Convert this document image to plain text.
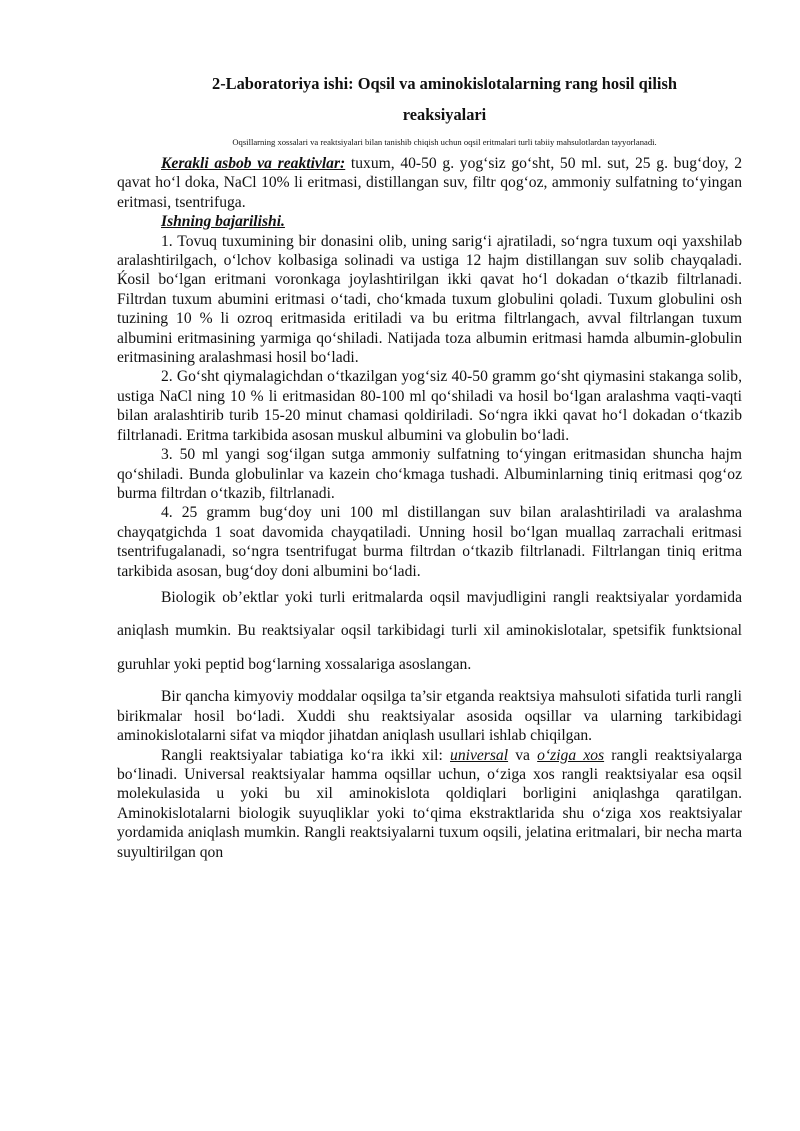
2-Laboratoriya ishi: Oqsil va aminokislotalarning rang hosil qilish
reaksiyalari
Oqsillarning xossalari va reaktsiyalari bilan tanishib chiqish uchun oqsil eritmalari turli tabiiy mahsulotlardan tayyorlanadi.

Kerakli asbob va reaktivlar: tuxum, 40-50 g. yog‘siz go‘sht, 50 ml. sut, 25 g. bug‘doy, 2 qavat ho‘l doka, NaCl 10% li eritmasi, distillangan suv, filtr qog‘oz, ammoniy sulfatning to‘yingan eritmasi, tsentrifuga.

Ishning bajarilishi.

1. Tovuq tuxumining bir donasini olib, uning sarig‘i ajratiladi, so‘ngra tuxum oqi yaxshilab aralashtirilgach, o‘lchov kolbasiga solinadi va ustiga 12 hajm distillangan suv solib chayqaladi. Ќosil bo‘lgan eritmani voronkaga joylashtirilgan ikki qavat ho‘l dokadan o‘tkazib filtrlanadi. Filtrdan tuxum abumini eritmasi o‘tadi, cho‘kmada tuxum globulini qoladi. Tuxum globulini osh tuzining 10 % li ozroq eritmasida eritiladi va bu eritma filtrlangach, avval filtrlangan tuxum albumini eritmasining yarmiga qo‘shiladi. Natijada toza albumin eritmasi hamda albumin-globulin eritmasining aralashmasi hosil bo‘ladi.

2. Go‘sht qiymalagichdan o‘tkazilgan yog‘siz 40-50 gramm go‘sht qiymasini stakanga solib, ustiga NaCl ning 10 % li eritmasidan 80-100 ml qo‘shiladi va hosil bo‘lgan aralashma vaqti-vaqti bilan aralashtirib turib 15-20 minut chamasi qoldiriladi. So‘ngra ikki qavat ho‘l dokadan o‘tkazib filtrlanadi. Eritma tarkibida asosan muskul albumini va globulin bo‘ladi.

3. 50 ml yangi sog‘ilgan sutga ammoniy sulfatning to‘yingan eritmasidan shuncha hajm qo‘shiladi. Bunda globulinlar va kazein cho‘kmaga tushadi. Albuminlarning tiniq eritmasi qog‘oz burma filtrdan o‘tkazib, filtrlanadi.

4. 25 gramm bug‘doy uni 100 ml distillangan suv bilan aralashtiriladi va aralashma chayqatgichda 1 soat davomida chayqatiladi. Unning hosil bo‘lgan muallaq zarrachali eritmasi tsentrifugalanadi, so‘ngra tsentrifugat burma filtrdan o‘tkazib filtrlanadi. Filtrlangan tiniq eritma tarkibida asosan, bug‘doy doni albumini bo‘ladi.

Biologik ob’ektlar yoki turli eritmalarda oqsil mavjudligini rangli reaktsiyalar yordamida aniqlash mumkin. Bu reaktsiyalar oqsil tarkibidagi turli xil aminokislotalar, spetsifik funktsional guruhlar yoki peptid bog‘larning xossalariga asoslangan.

Bir qancha kimyoviy moddalar oqsilga ta’sir etganda reaktsiya mahsuloti sifatida turli rangli birikmalar hosil bo‘ladi. Xuddi shu reaktsiyalar asosida oqsillar va ularning tarkibidagi aminokislotalarni sifat va miqdor jihatdan aniqlash usullari ishlab chiqilgan.

Rangli reaktsiyalar tabiatiga ko‘ra ikki xil: universal va o‘ziga xos rangli reaktsiyalarga bo‘linadi. Universal reaktsiyalar hamma oqsillar uchun, o‘ziga xos rangli reaktsiyalar esa oqsil molekulasida u yoki bu xil aminokislota qoldiqlari borligini aniqlashga qaratilgan. Aminokislotalarni biologik suyuqliklar yoki to‘qima ekstraktlarida shu o‘ziga xos reaktsiyalar yordamida aniqlash mumkin. Rangli reaktsiyalarni tuxum oqsili, jelatina eritmalari, bir necha marta suyultirilgan qon
